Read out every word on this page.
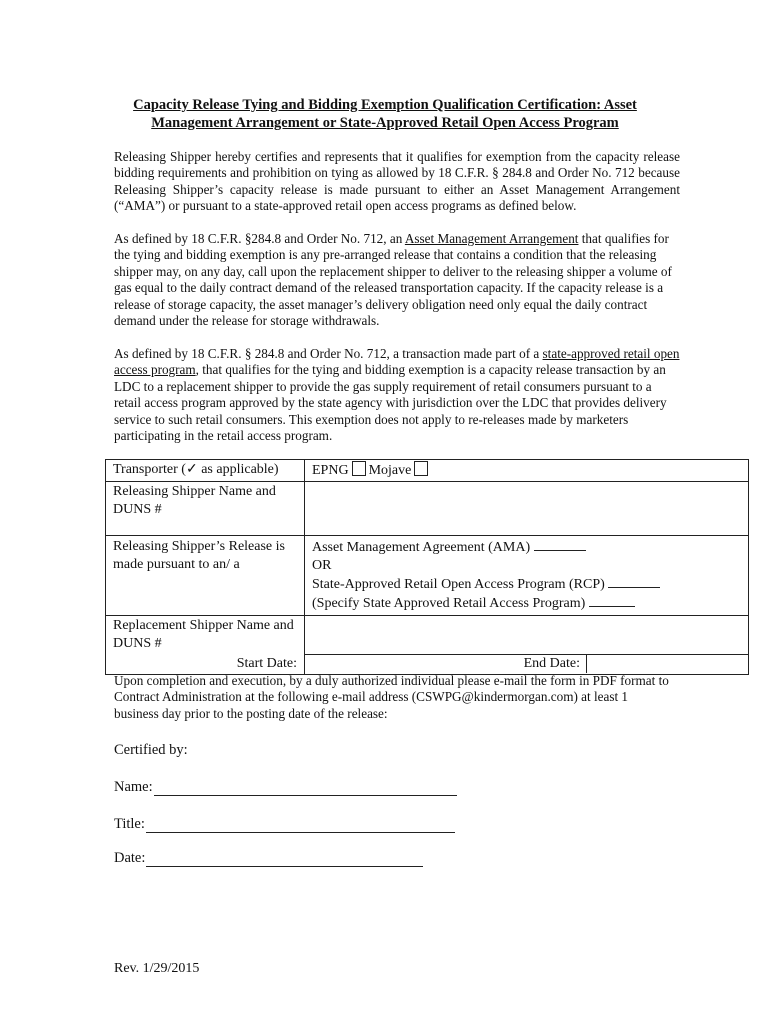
Capacity Release Tying and Bidding Exemption Qualification Certification: Asset
Management Arrangement or State-Approved Retail Open Access Program
Releasing Shipper hereby certifies and represents that it qualifies for exemption from the capacity release bidding requirements and prohibition on tying as allowed by 18 C.F.R. § 284.8 and Order No. 712 because Releasing Shipper’s capacity release is made pursuant to either an Asset Management Arrangement (“AMA”) or pursuant to a state-approved retail open access programs as defined below.
As defined by 18 C.F.R. §284.8 and Order No. 712, an Asset Management Arrangement that qualifies for the tying and bidding exemption is any pre-arranged release that contains a condition that the releasing shipper may, on any day, call upon the replacement shipper to deliver to the releasing shipper a volume of gas equal to the daily contract demand of the released transportation capacity. If the capacity release is a release of storage capacity, the asset manager’s delivery obligation need only equal the daily contract demand under the release for storage withdrawals.
As defined by 18 C.F.R. § 284.8 and Order No. 712, a transaction made part of a state-approved retail open access program, that qualifies for the tying and bidding exemption is a capacity release transaction by an LDC to a replacement shipper to provide the gas supply requirement of retail consumers pursuant to a retail access program approved by the state agency with jurisdiction over the LDC that provides delivery service to such retail consumers. This exemption does not apply to re-releases made by marketers participating in the retail access program.
Transporter (✓ as applicable)	EPNG Mojave
Releasing Shipper Name and DUNS #	
Releasing Shipper’s Release is made pursuant to an/ a	Asset Management Agreement (AMA)
OR
State-Approved Retail Open Access Program (RCP)
(Specify State Approved Retail Access Program)

Replacement Shipper Name and DUNS #	
Start Date:	End Date:
Upon completion and execution, by a duly authorized individual please e-mail the form in PDF format to Contract Administration at the following e-mail address (CSWPG@kindermorgan.com) at least 1 business day prior to the posting date of the release:
Certified by:
Name:
Title:
Date:
Rev. 1/29/2015
